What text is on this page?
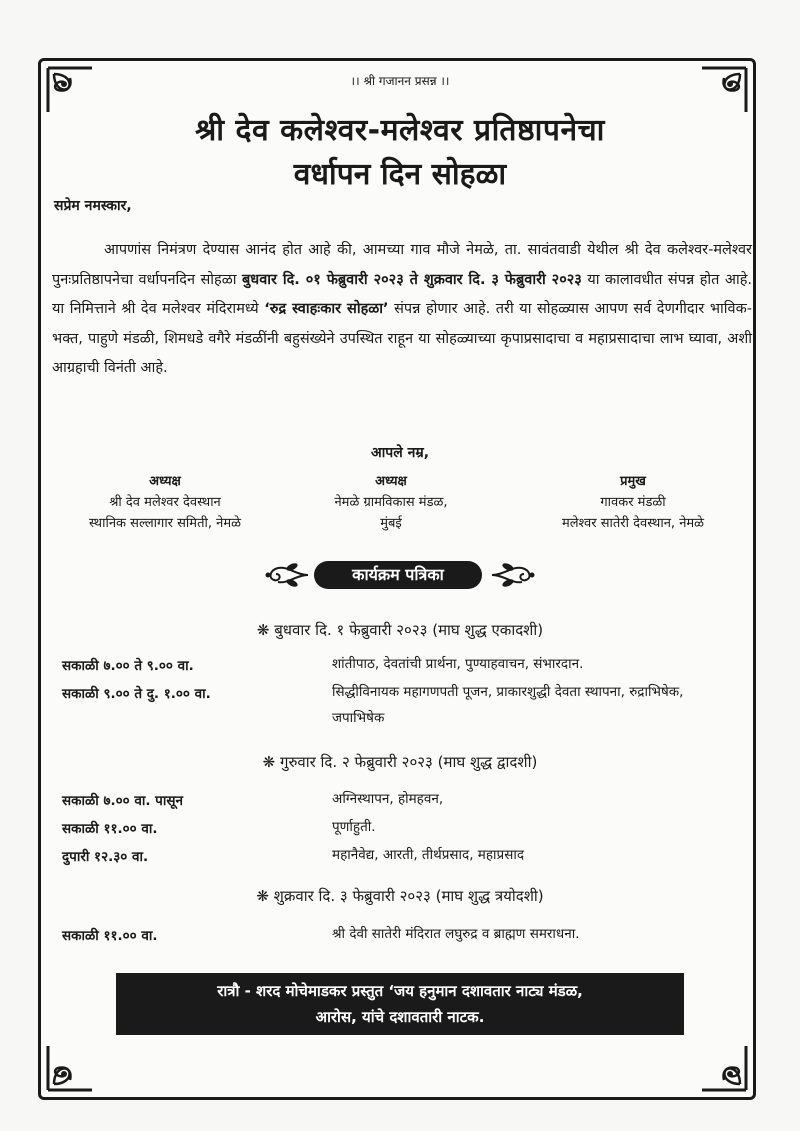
।। श्री गजानन प्रसन्न ।।
श्री देव कलेश्वर-मलेश्वर प्रतिष्ठापनेचा
वर्धापन दिन सोहळा
सप्रेम नमस्कार,
आपणांस निमंत्रण देण्यास आनंद होत आहे की, आमच्या गाव मौजे नेमळे, ता. सावंतवाडी येथील श्री देव कलेश्वर-मलेश्वर पुनःप्रतिष्ठापनेचा वर्धापनदिन सोहळा बुधवार दि. ०१ फेब्रुवारी २०२३ ते शुक्रवार दि. ३ फेब्रुवारी २०२३ या कालावधीत संपन्न होत आहे. या निमित्ताने श्री देव मलेश्वर मंदिरामध्ये ‘रुद्र स्वाहःकार सोहळा’ संपन्न होणार आहे. तरी या सोहळ्यास आपण सर्व देणगीदार भाविक- भक्त, पाहुणे मंडळी, शिमधडे वगैरे मंडळींनी बहुसंख्येने उपस्थित राहून या सोहळ्याच्या कृपाप्रसादाचा व महाप्रसादाचा लाभ घ्यावा, अशी आग्रहाची विनंती आहे.
आपले नम्र,
अध्यक्ष
श्री देव मलेश्वर देवस्थान
स्थानिक सल्लागार समिती, नेमळे
अध्यक्ष
नेमळे ग्रामविकास मंडळ,
मुंबई
प्रमुख
गावकर मंडळी
मलेश्वर सातेरी देवस्थान, नेमळे
कार्यक्रम पत्रिका
❋ बुधवार दि. १ फेब्रुवारी २०२३ (माघ शुद्ध एकादशी)
सकाळी ७.०० ते ९.०० वा.	शांतीपाठ, देवतांची प्रार्थना, पुण्याहवाचन, संभारदान.
सकाळी ९.०० ते दु. १.०० वा.	सिद्धीविनायक महागणपती पूजन, प्राकारशुद्धी देवता स्थापना, रुद्राभिषेक, जपाभिषेक
❋ गुरुवार दि. २ फेब्रुवारी २०२३ (माघ शुद्ध द्वादशी)
सकाळी ७.०० वा. पासून	अग्निस्थापन, होमहवन,
सकाळी ११.०० वा.	पूर्णाहुती.
दुपारी १२.३० वा.	महानैवेद्य, आरती, तीर्थप्रसाद, महाप्रसाद
❋ शुक्रवार दि. ३ फेब्रुवारी २०२३ (माघ शुद्ध त्रयोदशी)
सकाळी ११.०० वा.	श्री देवी सातेरी मंदिरात लघुरुद्र व ब्राह्मण समराधना.
रात्रौ - शरद मोचेमाडकर प्रस्तुत ‘जय हनुमान दशावतार नाट्य मंडळ,
आरोस, यांचे दशावतारी नाटक.
